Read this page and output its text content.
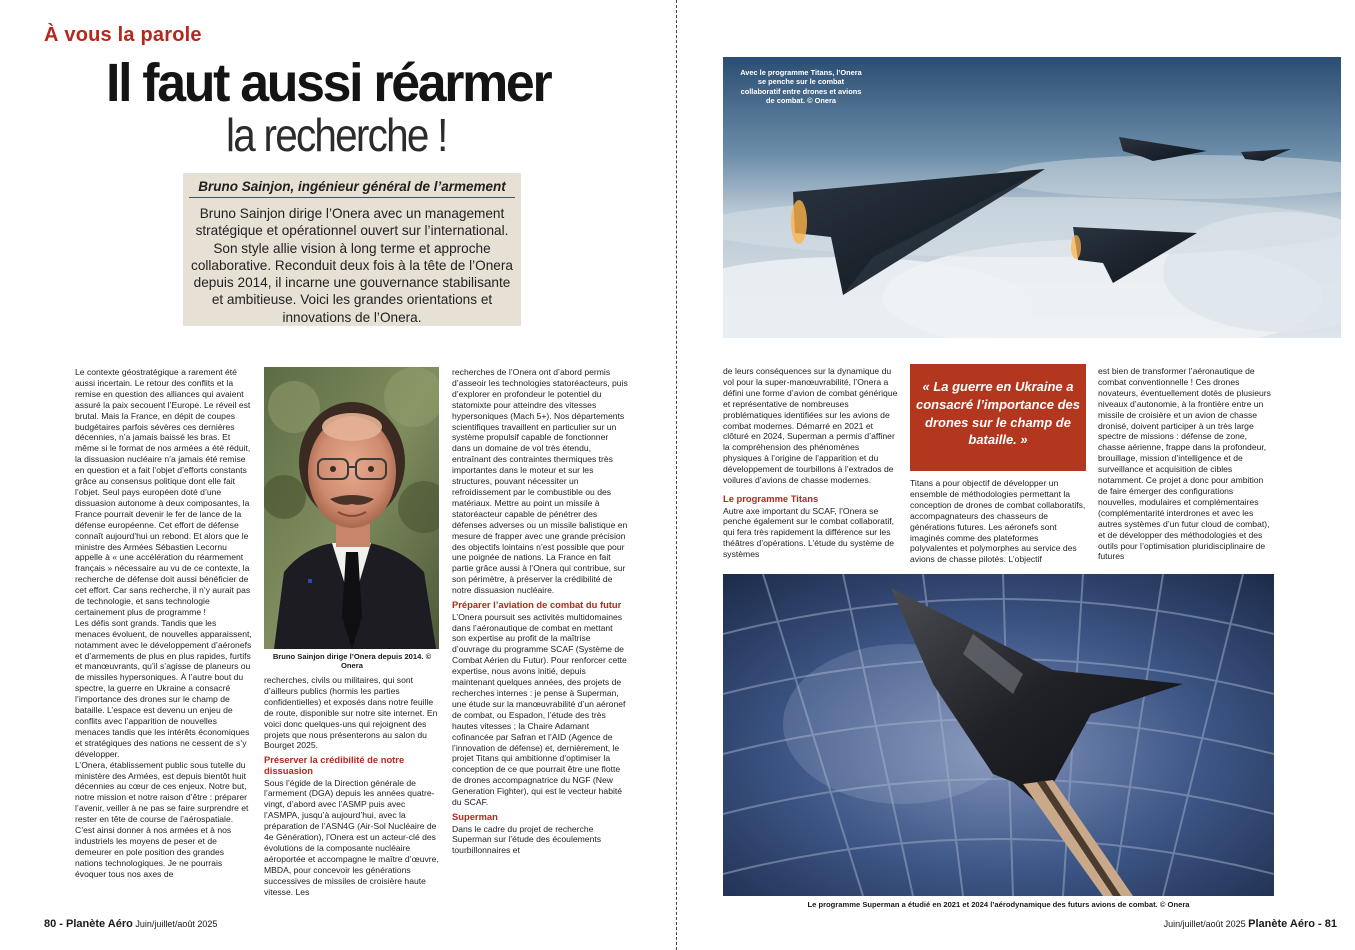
À vous la parole
Il faut aussi réarmer
la recherche !
Bruno Sainjon, ingénieur général de l’armement
Bruno Sainjon dirige l’Onera avec un management stratégique et opérationnel ouvert sur l’international. Son style allie vision à long terme et approche collaborative. Reconduit deux fois à la tête de l’Onera depuis 2014, il incarne une gouvernance stabilisante et ambitieuse. Voici les grandes orientations et innovations de l’Onera.

Le contexte géostratégique a rarement été aussi incertain. Le retour des conflits et la remise en question des alliances qui avaient assuré la paix secouent l’Europe. Le réveil est brutal. Mais la France, en dépit de coupes budgétaires parfois sévères ces dernières décennies, n’a jamais baissé les bras. Et même si le format de nos armées a été réduit, la dissuasion nucléaire n’a jamais été remise en question et a fait l’objet d’efforts constants grâce au consensus politique dont elle fait l’objet. Seul pays européen doté d’une dissuasion autonome à deux composantes, la France pourrait devenir le fer de lance de la défense européenne. Cet effort de défense connaît aujourd’hui un rebond. Et alors que le ministre des Armées Sébastien Lecornu appelle à « une accélération du réarmement français » nécessaire au vu de ce contexte, la recherche de défense doit aussi bénéficier de cet effort. Car sans recherche, il n’y aurait pas de technologie, et sans technologie certainement plus de programme !

Les défis sont grands. Tandis que les menaces évoluent, de nouvelles apparaissent, notamment avec le développement d’aéronefs et d’armements de plus en plus rapides, furtifs et manœuvrants, qu’il s’agisse de planeurs ou de missiles hypersoniques. À l’autre bout du spectre, la guerre en Ukraine a consacré l’importance des drones sur le champ de bataille. L’espace est devenu un enjeu de conflits avec l’apparition de nouvelles menaces tandis que les intérêts économiques et stratégiques des nations ne cessent de s’y développer.

L’Onera, établissement public sous tutelle du ministère des Armées, est depuis bientôt huit décennies au cœur de ces enjeux. Notre but, notre mission et notre raison d’être : préparer l’avenir, veiller à ne pas se faire surprendre et rester en tête de course de l’aérospatiale. C’est ainsi donner à nos armées et à nos industriels les moyens de peser et de demeurer en pole position des grandes nations technologiques. Je ne pourrais évoquer tous nos axes de

Bruno Sainjon dirige l’Onera depuis 2014. © Onera

recherches, civils ou militaires, qui sont d’ailleurs publics (hormis les parties confidentielles) et exposés dans notre feuille de route, disponible sur notre site internet. En voici donc quelques-uns qui rejoignent des projets que nous présenterons au salon du Bourget 2025.

Préserver la crédibilité de notre dissuasion

Sous l’égide de la Direction générale de l’armement (DGA) depuis les années quatre-vingt, d’abord avec l’ASMP puis avec l’ASMPA, jusqu’à aujourd’hui, avec la préparation de l’ASN4G (Air-Sol Nucléaire de 4e Génération), l’Onera est un acteur-clé des évolutions de la composante nucléaire aéroportée et accompagne le maître d’œuvre, MBDA, pour concevoir les générations successives de missiles de croisière haute vitesse. Les

recherches de l’Onera ont d’abord permis d’asseoir les technologies statoréacteurs, puis d’explorer en profondeur le potentiel du statomixte pour atteindre des vitesses hypersoniques (Mach 5+). Nos départements scientifiques travaillent en particulier sur un système propulsif capable de fonctionner dans un domaine de vol très étendu, entraînant des contraintes thermiques très importantes dans le moteur et sur les structures, pouvant nécessiter un refroidissement par le combustible ou des matériaux. Mettre au point un missile à statoréacteur capable de pénétrer des défenses adverses ou un missile balistique en mesure de frapper avec une grande précision des objectifs lointains n’est possible que pour une poignée de nations. La France en fait partie grâce aussi à l’Onera qui contribue, sur son périmètre, à préserver la crédibilité de notre dissuasion nucléaire.

Préparer l’aviation de combat du futur

L’Onera poursuit ses activités multidomaines dans l’aéronautique de combat en mettant son expertise au profit de la maîtrise d’ouvrage du programme SCAF (Système de Combat Aérien du Futur). Pour renforcer cette expertise, nous avons initié, depuis maintenant quelques années, des projets de recherches internes : je pense à Superman, une étude sur la manœuvrabilité d’un aéronef de combat, ou Espadon, l’étude des très hautes vitesses ; la Chaire Adamant cofinancée par Safran et l’AID (Agence de l’innovation de défense) et, dernièrement, le projet Titans qui ambitionne d’optimiser la conception de ce que pourrait être une flotte de drones accompagnatrice du NGF (New Generation Fighter), qui est le vecteur habité du SCAF.

Superman

Dans le cadre du projet de recherche Superman sur l’étude des écoulements tourbillonnaires et

80 - Planète Aéro Juin/juillet/août 2025
Avec le programme Titans, l’Onera se penche sur le combat collaboratif entre drones et avions de combat. © Onera

de leurs conséquences sur la dynamique du vol pour la super-manœuvrabilité, l’Onera a défini une forme d’avion de combat générique et représentative de nombreuses problématiques identifiées sur les avions de combat modernes. Démarré en 2021 et clôturé en 2024, Superman a permis d’affiner la compréhension des phénomènes physiques à l’origine de l’apparition et du développement de tourbillons à l’extrados de voilures d’avions de chasse modernes.

Le programme Titans

Autre axe important du SCAF, l’Onera se penche également sur le combat collaboratif, qui fera très rapidement la différence sur les théâtres d’opérations. L’étude du système de systèmes

« La guerre en Ukraine a consacré l’importance des drones sur le champ de bataille. »

Titans a pour objectif de développer un ensemble de méthodologies permettant la conception de drones de combat collaboratifs, accompagnateurs des chasseurs de générations futures. Les aéronefs sont imaginés comme des plateformes polyvalentes et polymorphes au service des avions de chasse pilotés. L’objectif

est bien de transformer l’aéronautique de combat conventionnelle ! Ces drones novateurs, éventuellement dotés de plusieurs niveaux d’autonomie, à la frontière entre un missile de croisière et un avion de chasse dronisé, doivent participer à un très large spectre de missions : défense de zone, chasse aérienne, frappe dans la profondeur, brouillage, mission d’intelligence et de surveillance et acquisition de cibles notamment. Ce projet a donc pour ambition de faire émerger des configurations nouvelles, modulaires et complémentaires (complémentarité interdrones et avec les autres systèmes d’un futur cloud de combat), et de développer des méthodologies et des outils pour l’optimisation pluridisciplinaire de futures

Le programme Superman a étudié en 2021 et 2024 l’aérodynamique des futurs avions de combat. © Onera
Juin/juillet/août 2025 Planète Aéro - 81
